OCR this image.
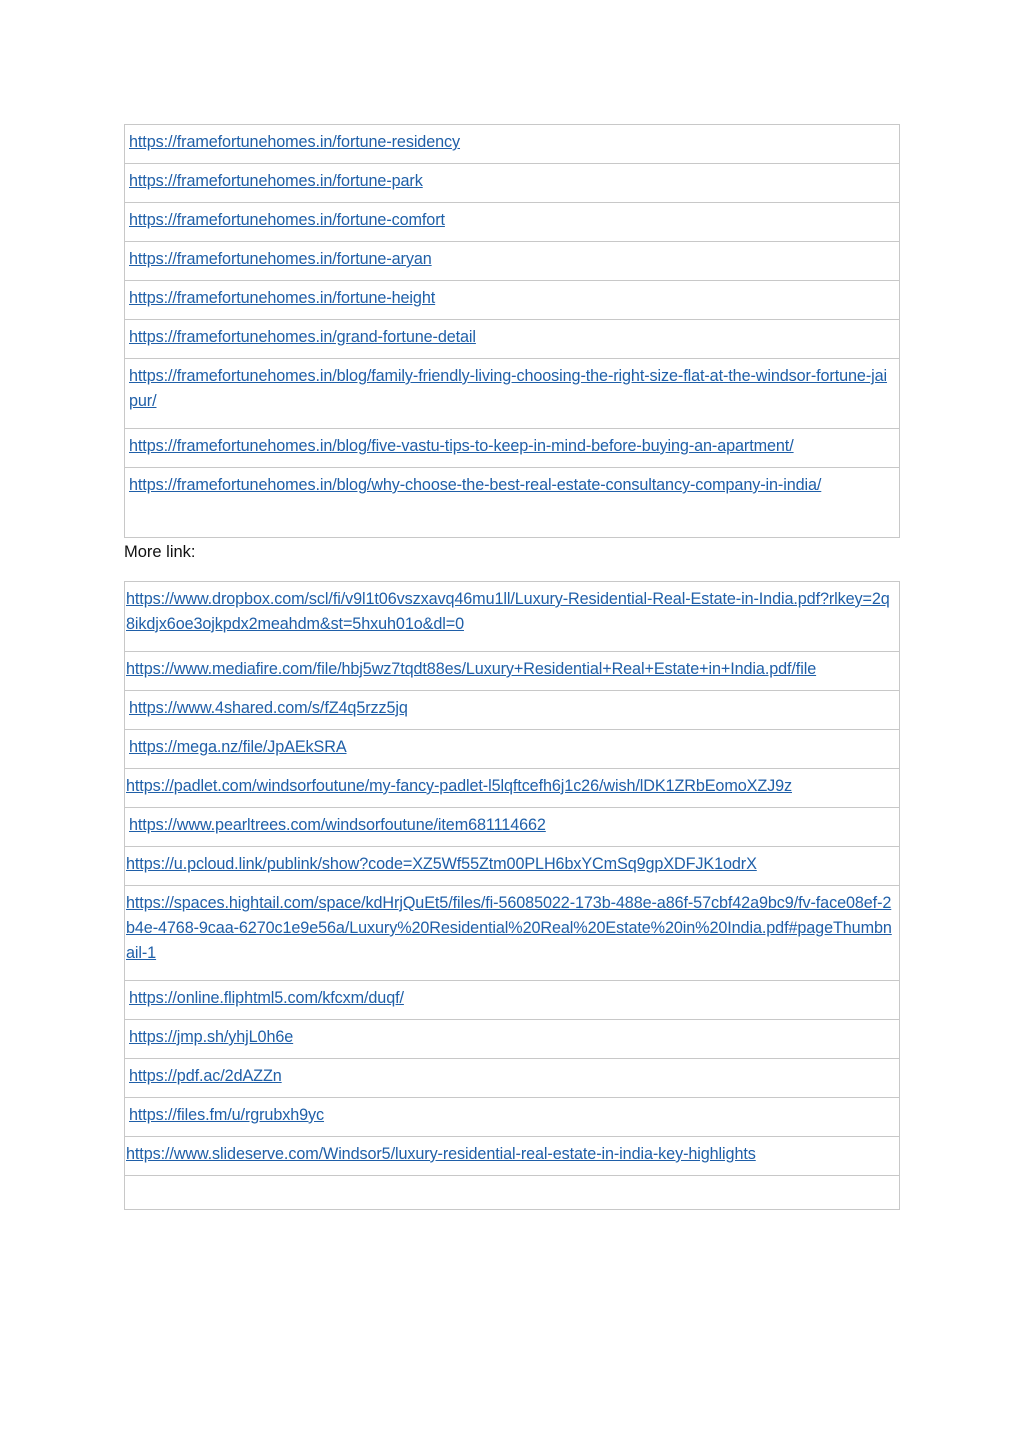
https://framefortunehomes.in/fortune-residency

https://framefortunehomes.in/fortune-park

https://framefortunehomes.in/fortune-comfort

https://framefortunehomes.in/fortune-aryan

https://framefortunehomes.in/fortune-height

https://framefortunehomes.in/grand-fortune-detail

https://framefortunehomes.in/blog/family-friendly-living-choosing-the-right-size-flat-at-the-windsor-fortune-jaipur/

https://framefortunehomes.in/blog/five-vastu-tips-to-keep-in-mind-before-buying-an-apartment/

https://framefortunehomes.in/blog/why-choose-the-best-real-estate-consultancy-company-in-india/
More link:
https://www.dropbox.com/scl/fi/v9l1t06vszxavq46mu1ll/Luxury-Residential-Real-Estate-in-India.pdf?rlkey=2q8ikdjx6oe3ojkpdx2meahdm&st=5hxuh01o&dl=0

https://www.mediafire.com/file/hbj5wz7tqdt88es/Luxury+Residential+Real+Estate+in+India.pdf/file

https://www.4shared.com/s/fZ4q5rzz5jq

https://mega.nz/file/JpAEkSRA

https://padlet.com/windsorfoutune/my-fancy-padlet-l5lqftcefh6j1c26/wish/lDK1ZRbEomoXZJ9z

https://www.pearltrees.com/windsorfoutune/item681114662

https://u.pcloud.link/publink/show?code=XZ5Wf55Ztm00PLH6bxYCmSq9gpXDFJK1odrX

https://spaces.hightail.com/space/kdHrjQuEt5/files/fi-56085022-173b-488e-a86f-57cbf42a9bc9/fv-face08ef-2b4e-4768-9caa-6270c1e9e56a/Luxury%20Residential%20Real%20Estate%20in%20India.pdf#pageThumbnail-1

https://online.fliphtml5.com/kfcxm/duqf/

https://jmp.sh/yhjL0h6e

https://pdf.ac/2dAZZn

https://files.fm/u/rgrubxh9yc

https://www.slideserve.com/Windsor5/luxury-residential-real-estate-in-india-key-highlights
